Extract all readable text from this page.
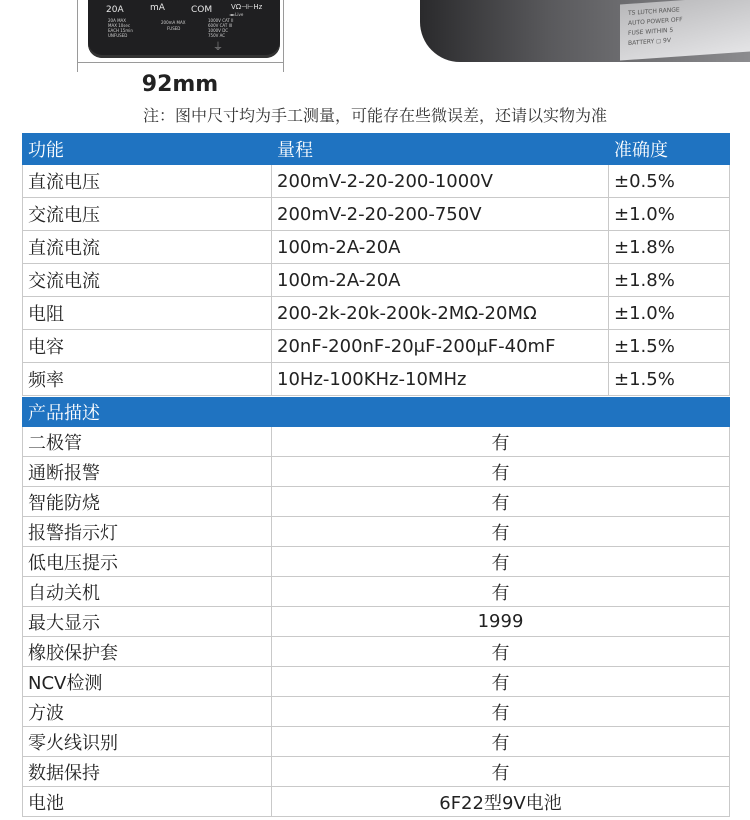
20A	mA	COM	VΩ⊣⊢Hz
20A MAX
MAX 10sec
EACH 15min
UNFUSED
200mA MAX
FUSED
◄►Live
1000V CAT II
600V CAT III
1000V DC
750V AC
⏚
92mm
TS LUTCH RANGE
AUTO POWER OFF
FUSE WITHIN 5
BATTERY ◻ 9V
注：图中尺寸均为手工测量，可能存在些微误差，还请以实物为准
功能	量程	准确度
直流电压	200mV-2-20-200-1000V	±0.5%
交流电压	200mV-2-20-200-750V	±1.0%
直流电流	100m-2A-20A	±1.8%
交流电流	100m-2A-20A	±1.8%
电阻	200-2k-20k-200k-2MΩ-20MΩ	±1.0%
电容	20nF-200nF-20μF-200μF-40mF	±1.5%
频率	10Hz-100KHz-10MHz	±1.5%
产品描述	
二极管	有
通断报警	有
智能防烧	有
报警指示灯	有
低电压提示	有
自动关机	有
最大显示	1999
橡胶保护套	有
NCV检测	有
方波	有
零火线识别	有
数据保持	有
电池	6F22型9V电池
